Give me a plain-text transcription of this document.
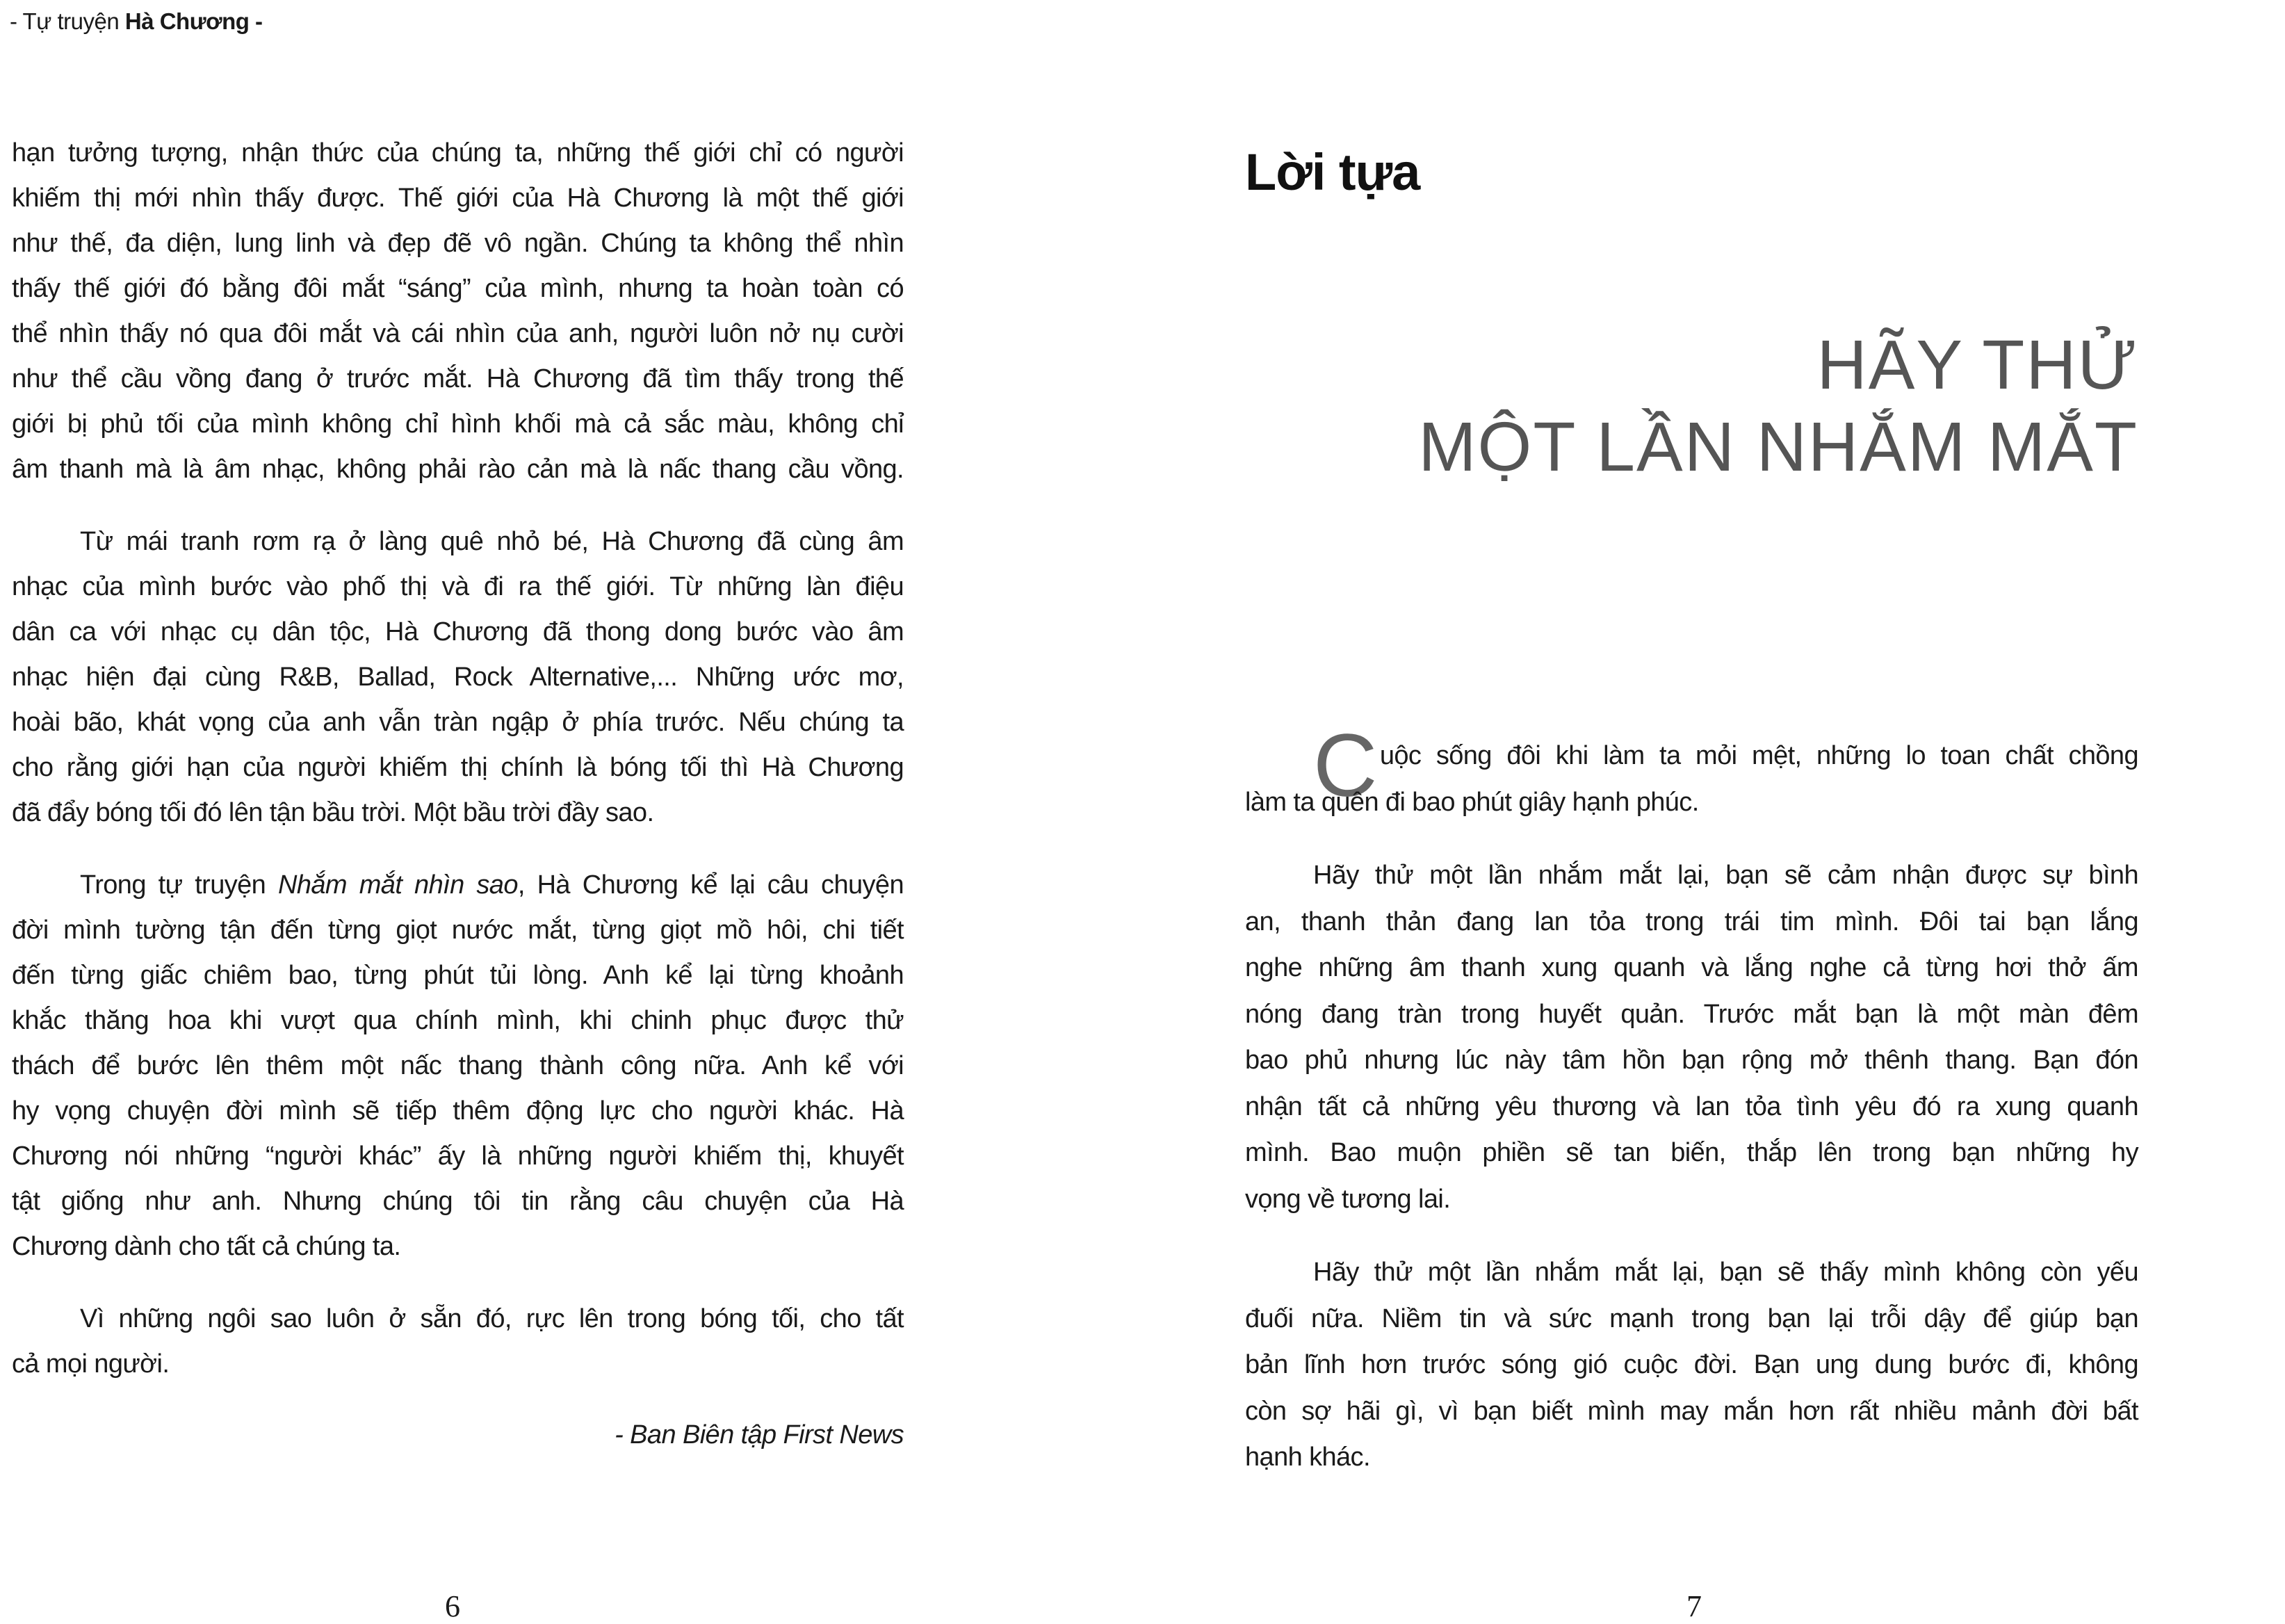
- Tự truyện Hà Chương -
hạn tưởng tượng, nhận thức của chúng ta, những thế giới chỉ có người
khiếm thị mới nhìn thấy được. Thế giới của Hà Chương là một thế giới
như thế, đa diện, lung linh và đẹp đẽ vô ngần. Chúng ta không thể nhìn
thấy thế giới đó bằng đôi mắt “sáng” của mình, nhưng ta hoàn toàn có
thể nhìn thấy nó qua đôi mắt và cái nhìn của anh, người luôn nở nụ cười
như thể cầu vồng đang ở trước mắt. Hà Chương đã tìm thấy trong thế
giới bị phủ tối của mình không chỉ hình khối mà cả sắc màu, không chỉ
âm thanh mà là âm nhạc, không phải rào cản mà là nấc thang cầu vồng.
Từ mái tranh rơm rạ ở làng quê nhỏ bé, Hà Chương đã cùng âm
nhạc của mình bước vào phố thị và đi ra thế giới. Từ những làn điệu
dân ca với nhạc cụ dân tộc, Hà Chương đã thong dong bước vào âm
nhạc hiện đại cùng R&B, Ballad, Rock Alternative,... Những ước mơ,
hoài bão, khát vọng của anh vẫn tràn ngập ở phía trước. Nếu chúng ta
cho rằng giới hạn của người khiếm thị chính là bóng tối thì Hà Chương
đã đẩy bóng tối đó lên tận bầu trời. Một bầu trời đầy sao.
Trong tự truyện Nhắm mắt nhìn sao, Hà Chương kể lại câu chuyện
đời mình tường tận đến từng giọt nước mắt, từng giọt mồ hôi, chi tiết
đến từng giấc chiêm bao, từng phút tủi lòng. Anh kể lại từng khoảnh
khắc thăng hoa khi vượt qua chính mình, khi chinh phục được thử
thách để bước lên thêm một nấc thang thành công nữa. Anh kể với
hy vọng chuyện đời mình sẽ tiếp thêm động lực cho người khác. Hà
Chương nói những “người khác” ấy là những người khiếm thị, khuyết
tật giống như anh. Nhưng chúng tôi tin rằng câu chuyện của Hà
Chương dành cho tất cả chúng ta.
Vì những ngôi sao luôn ở sẵn đó, rực lên trong bóng tối, cho tất
cả mọi người.
- Ban Biên tập First News
6
Lời tựa
HÃY THỬ
MỘT LẦN NHẮM MẮT
Cuộc sống đôi khi làm ta mỏi mệt, những lo toan chất chồng
làm ta quên đi bao phút giây hạnh phúc.
Hãy thử một lần nhắm mắt lại, bạn sẽ cảm nhận được sự bình
an, thanh thản đang lan tỏa trong trái tim mình. Đôi tai bạn lắng
nghe những âm thanh xung quanh và lắng nghe cả từng hơi thở ấm
nóng đang tràn trong huyết quản. Trước mắt bạn là một màn đêm
bao phủ nhưng lúc này tâm hồn bạn rộng mở thênh thang. Bạn đón
nhận tất cả những yêu thương và lan tỏa tình yêu đó ra xung quanh
mình. Bao muộn phiền sẽ tan biến, thắp lên trong bạn những hy
vọng về tương lai.
Hãy thử một lần nhắm mắt lại, bạn sẽ thấy mình không còn yếu
đuối nữa. Niềm tin và sức mạnh trong bạn lại trỗi dậy để giúp bạn
bản lĩnh hơn trước sóng gió cuộc đời. Bạn ung dung bước đi, không
còn sợ hãi gì, vì bạn biết mình may mắn hơn rất nhiều mảnh đời bất
hạnh khác.
7
